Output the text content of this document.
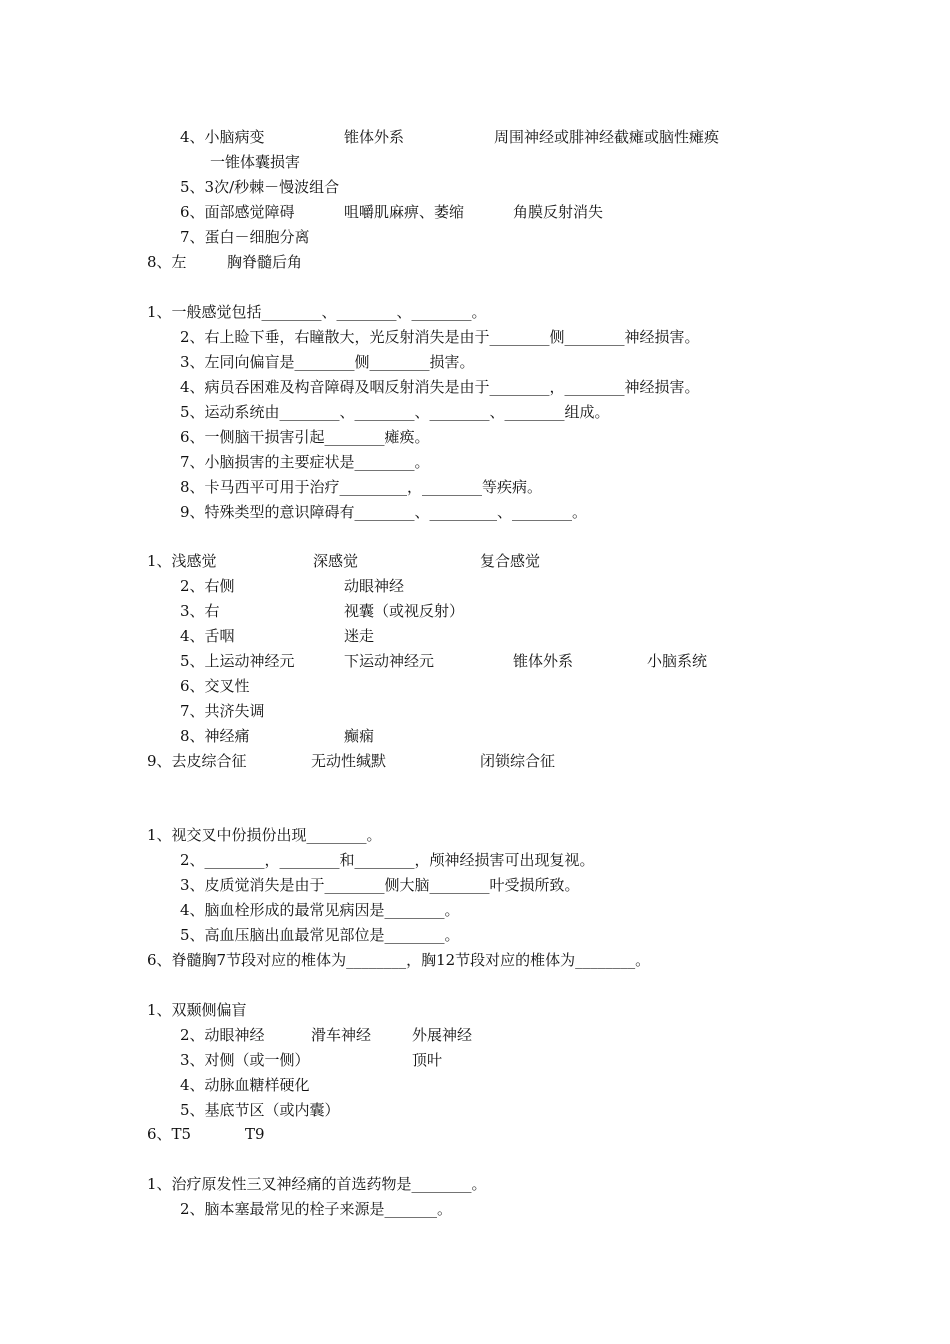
4、小脑病变	锥体外系	周围神经或腓神经截瘫或脑性瘫痪
一锥体囊损害
5、3次/秒棘－慢波组合
6、面部感觉障碍	咀嚼肌麻痹、萎缩	角膜反射消失
7、蛋白－细胞分离
8、左	胸脊髓后角
1、一般感觉包括________、________、________。
2、右上睑下垂，右瞳散大，光反射消失是由于________侧________神经损害。
3、左同向偏盲是________侧________损害。
4、病员吞困难及构音障碍及咽反射消失是由于________，________神经损害。
5、运动系统由________、________、________、________组成。
6、一侧脑干损害引起________瘫痪。
7、小脑损害的主要症状是________。
8、卡马西平可用于治疗_________，________等疾病。
9、特殊类型的意识障碍有________、_________、________。
1、浅感觉	深感觉	复合感觉
2、右侧	动眼神经
3、右	视囊（或视反射）
4、舌咽	迷走
5、上运动神经元	下运动神经元	锥体外系	小脑系统
6、交叉性
7、共济失调
8、神经痛	癫痫
9、去皮综合征	无动性缄默	闭锁综合征
1、视交叉中份损份出现________。
2、________，________和________，颅神经损害可出现复视。
3、皮质觉消失是由于________侧大脑________叶受损所致。
4、脑血栓形成的最常见病因是________。
5、高血压脑出血最常见部位是________。
6、脊髓胸7节段对应的椎体为________，胸12节段对应的椎体为________。
1、双颞侧偏盲
2、动眼神经	滑车神经	外展神经
3、对侧（或一侧）	顶叶
4、动脉血糖样硬化
5、基底节区（或内囊）
6、T5	T9
1、治疗原发性三叉神经痛的首选药物是________。
2、脑本塞最常见的栓子来源是_______。
